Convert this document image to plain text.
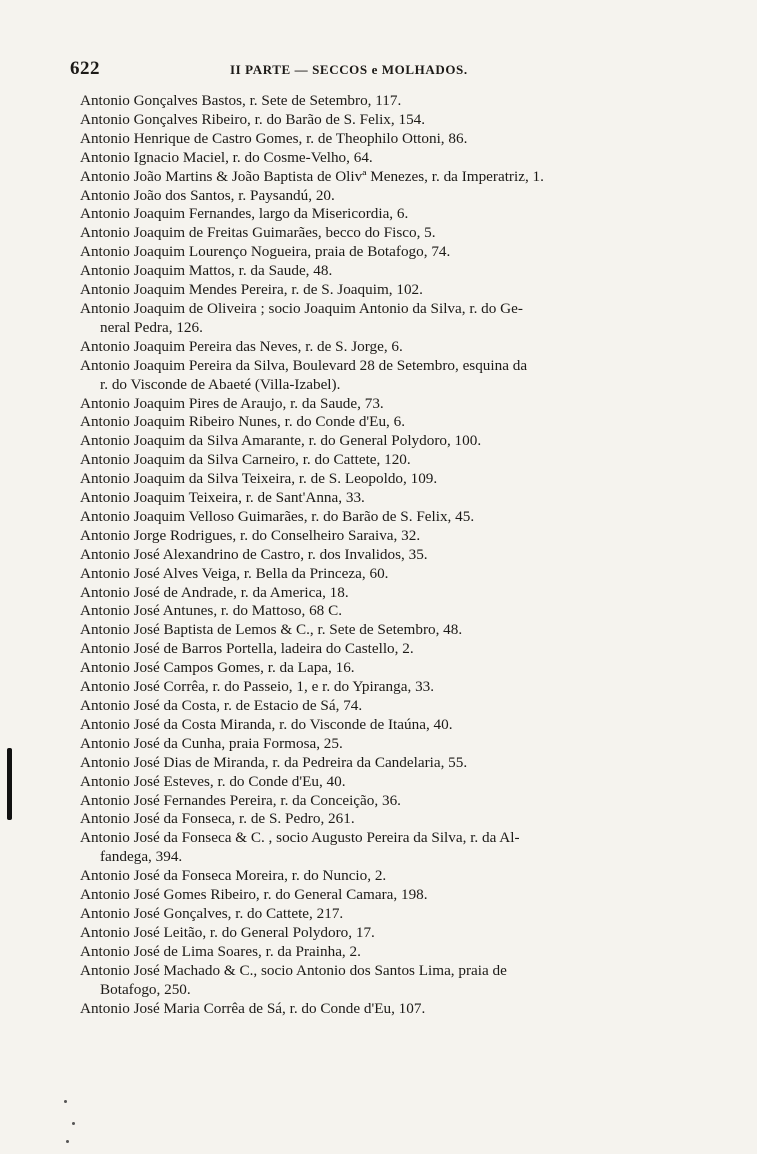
622	II PARTE — SECCOS e MOLHADOS.

Antonio Gonçalves Bastos, r. Sete de Setembro, 117.

Antonio Gonçalves Ribeiro, r. do Barão de S. Felix, 154.

Antonio Henrique de Castro Gomes, r. de Theophilo Ottoni, 86.

Antonio Ignacio Maciel, r. do Cosme-Velho, 64.

Antonio João Martins & João Baptista de Olivª Menezes, r. da Imperatriz, 1.

Antonio João dos Santos, r. Paysandú, 20.

Antonio Joaquim Fernandes, largo da Misericordia, 6.

Antonio Joaquim de Freitas Guimarães, becco do Fisco, 5.

Antonio Joaquim Lourenço Nogueira, praia de Botafogo, 74.

Antonio Joaquim Mattos, r. da Saude, 48.

Antonio Joaquim Mendes Pereira, r. de S. Joaquim, 102.

Antonio Joaquim de Oliveira ; socio Joaquim Antonio da Silva, r. do Ge-
neral Pedra, 126.

Antonio Joaquim Pereira das Neves, r. de S. Jorge, 6.

Antonio Joaquim Pereira da Silva, Boulevard 28 de Setembro, esquina da
r. do Visconde de Abaeté (Villa-Izabel).

Antonio Joaquim Pires de Araujo, r. da Saude, 73.

Antonio Joaquim Ribeiro Nunes, r. do Conde d'Eu, 6.

Antonio Joaquim da Silva Amarante, r. do General Polydoro, 100.

Antonio Joaquim da Silva Carneiro, r. do Cattete, 120.

Antonio Joaquim da Silva Teixeira, r. de S. Leopoldo, 109.

Antonio Joaquim Teixeira, r. de Sant'Anna, 33.

Antonio Joaquim Velloso Guimarães, r. do Barão de S. Felix, 45.

Antonio Jorge Rodrigues, r. do Conselheiro Saraiva, 32.

Antonio José Alexandrino de Castro, r. dos Invalidos, 35.

Antonio José Alves Veiga, r. Bella da Princeza, 60.

Antonio José de Andrade, r. da America, 18.

Antonio José Antunes, r. do Mattoso, 68 C.

Antonio José Baptista de Lemos & C., r. Sete de Setembro, 48.

Antonio José de Barros Portella, ladeira do Castello, 2.

Antonio José Campos Gomes, r. da Lapa, 16.

Antonio José Corrêa, r. do Passeio, 1, e r. do Ypiranga, 33.

Antonio José da Costa, r. de Estacio de Sá, 74.

Antonio José da Costa Miranda, r. do Visconde de Itaúna, 40.

Antonio José da Cunha, praia Formosa, 25.

Antonio José Dias de Miranda, r. da Pedreira da Candelaria, 55.

Antonio José Esteves, r. do Conde d'Eu, 40.

Antonio José Fernandes Pereira, r. da Conceição, 36.

Antonio José da Fonseca, r. de S. Pedro, 261.

Antonio José da Fonseca & C. , socio Augusto Pereira da Silva, r. da Al-
fandega, 394.

Antonio José da Fonseca Moreira, r. do Nuncio, 2.

Antonio José Gomes Ribeiro, r. do General Camara, 198.

Antonio José Gonçalves, r. do Cattete, 217.

Antonio José Leitão, r. do General Polydoro, 17.

Antonio José de Lima Soares, r. da Prainha, 2.

Antonio José Machado & C., socio Antonio dos Santos Lima, praia de
Botafogo, 250.

Antonio José Maria Corrêa de Sá, r. do Conde d'Eu, 107.
